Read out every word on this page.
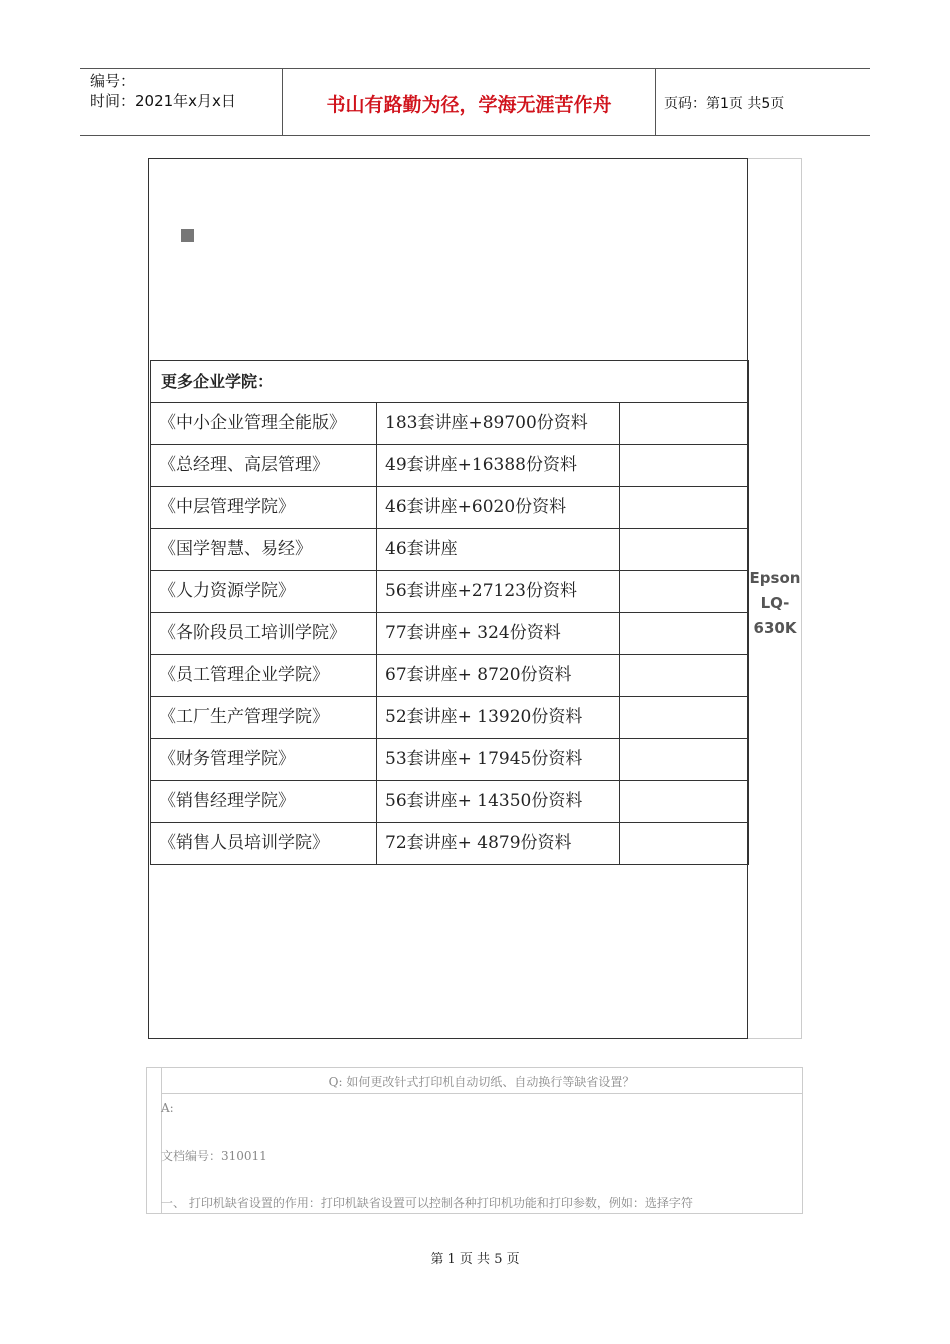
编号：
时间：2021年x月x日	书山有路勤为径，学海无涯苦作舟	页码：第1页 共5页
Epson LQ-630K
更多企业学院：		
《中小企业管理全能版》	183套讲座+89700份资料	
《总经理、高层管理》	49套讲座+16388份资料	
《中层管理学院》	46套讲座+6020份资料	
《国学智慧、易经》	46套讲座	
《人力资源学院》	56套讲座+27123份资料	
《各阶段员工培训学院》	77套讲座+ 324份资料	
《员工管理企业学院》	67套讲座+ 8720份资料	
《工厂生产管理学院》	52套讲座+ 13920份资料	
《财务管理学院》	53套讲座+ 17945份资料	
《销售经理学院》	56套讲座+ 14350份资料	
《销售人员培训学院》	72套讲座+ 4879份资料	
Q: 如何更改针式打印机自动切纸、自动换行等缺省设置？
A:
文档编号：310011
一、 打印机缺省设置的作用：打印机缺省设置可以控制各种打印机功能和打印参数，例如：选择字符
第 1 页 共 5 页
